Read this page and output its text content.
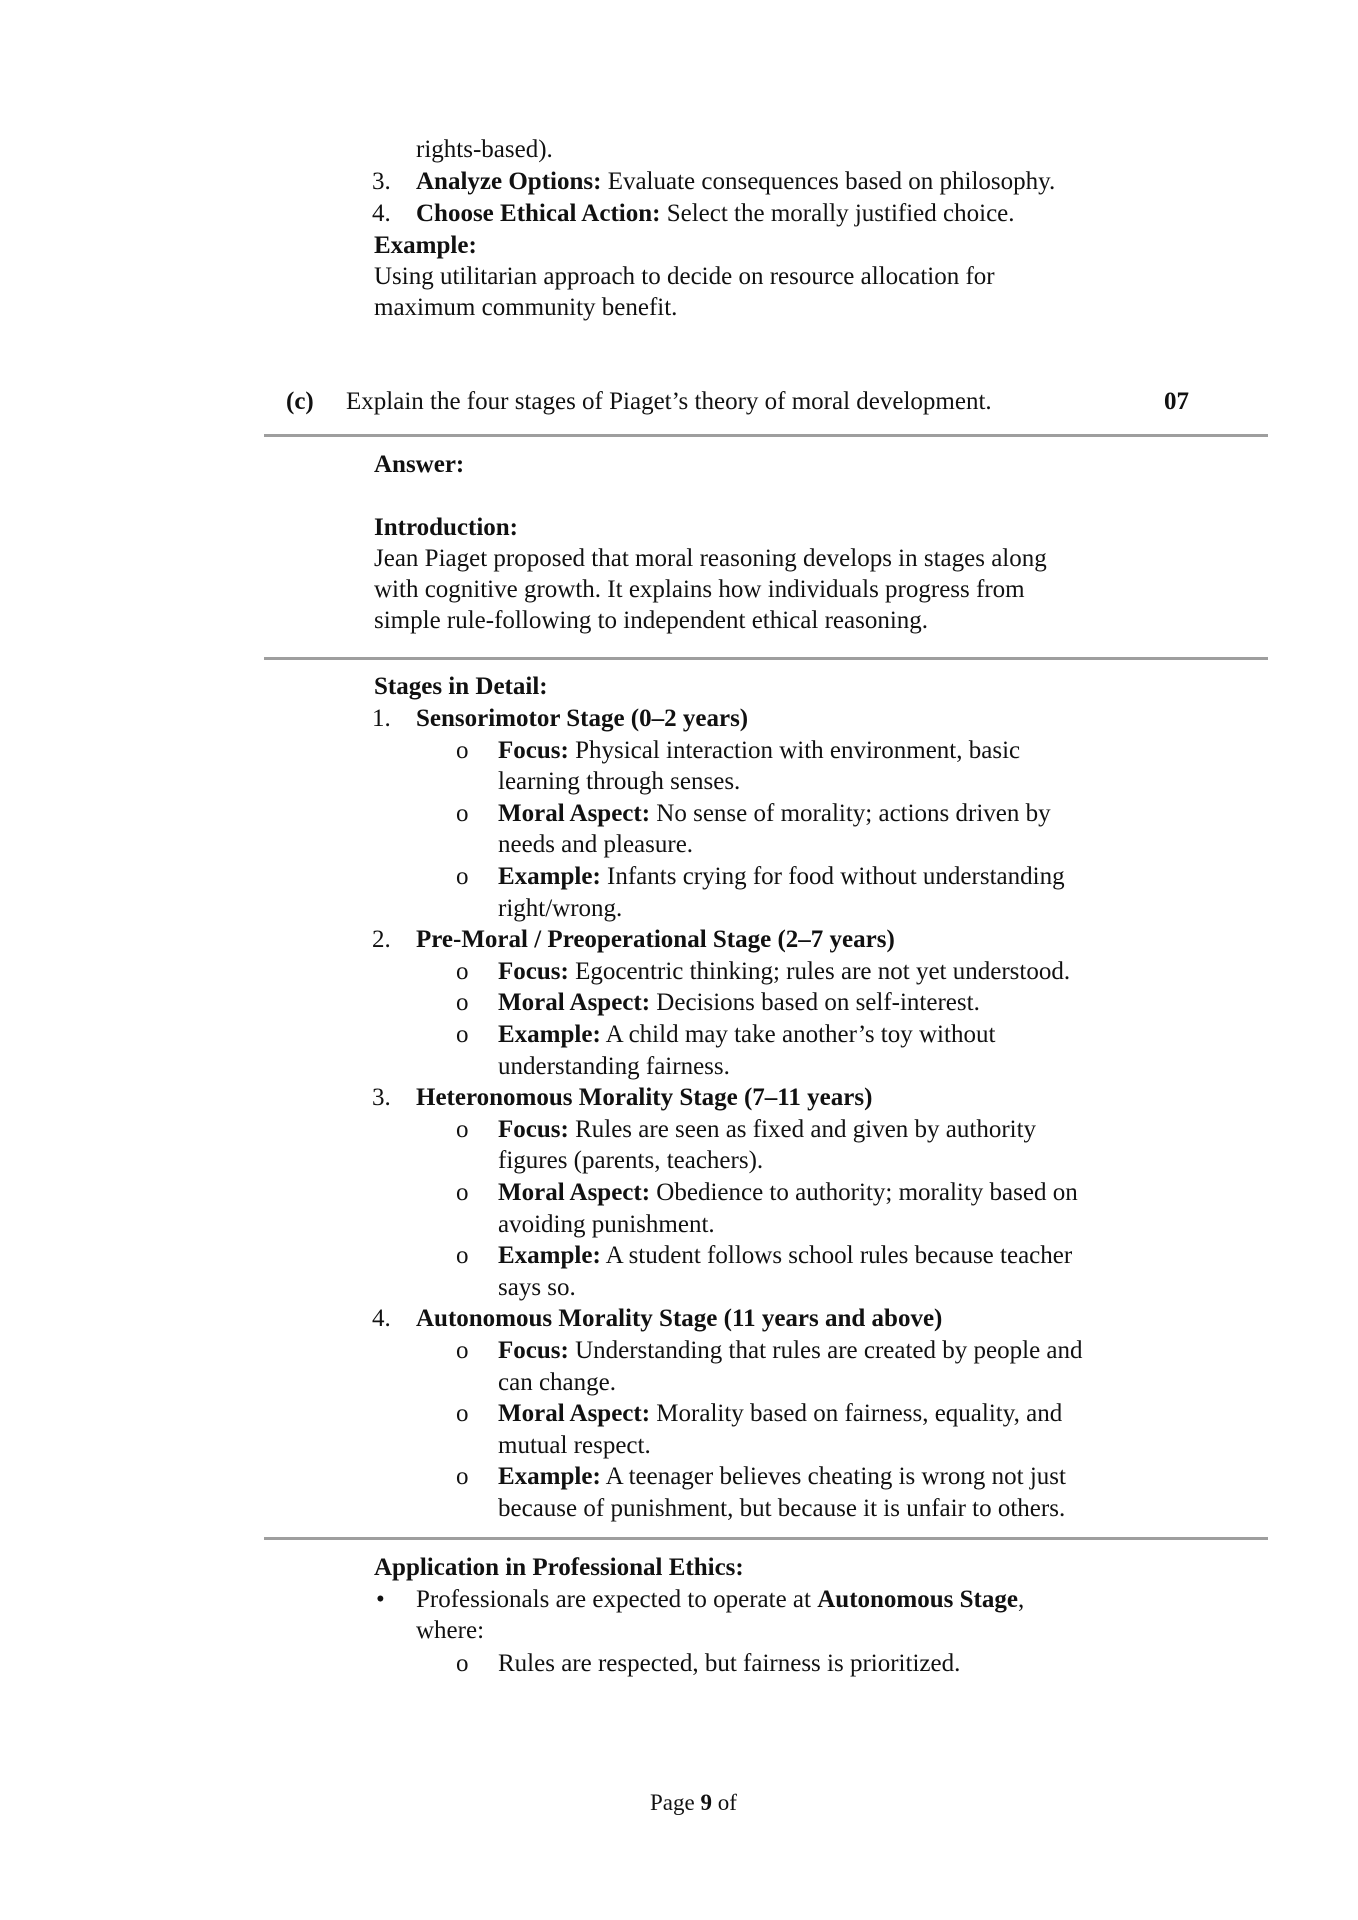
rights-based).
3. Analyze Options: Evaluate consequences based on philosophy.
4. Choose Ethical Action: Select the morally justified choice.
Example:
Using utilitarian approach to decide on resource allocation for
maximum community benefit.
(c) Explain the four stages of Piaget’s theory of moral development.	07
Answer:
Introduction:
Jean Piaget proposed that moral reasoning develops in stages along
with cognitive growth. It explains how individuals progress from
simple rule-following to independent ethical reasoning.
Stages in Detail:
1. Sensorimotor Stage (0–2 years)
o Focus: Physical interaction with environment, basic
learning through senses.
o Moral Aspect: No sense of morality; actions driven by
needs and pleasure.
o Example: Infants crying for food without understanding
right/wrong.
2. Pre-Moral / Preoperational Stage (2–7 years)
o Focus: Egocentric thinking; rules are not yet understood.
o Moral Aspect: Decisions based on self-interest.
o Example: A child may take another’s toy without
understanding fairness.
3. Heteronomous Morality Stage (7–11 years)
o Focus: Rules are seen as fixed and given by authority
figures (parents, teachers).
o Moral Aspect: Obedience to authority; morality based on
avoiding punishment.
o Example: A student follows school rules because teacher
says so.
4. Autonomous Morality Stage (11 years and above)
o Focus: Understanding that rules are created by people and
can change.
o Moral Aspect: Morality based on fairness, equality, and
mutual respect.
o Example: A teenager believes cheating is wrong not just
because of punishment, but because it is unfair to others.
Application in Professional Ethics:
• Professionals are expected to operate at Autonomous Stage,
where:
o Rules are respected, but fairness is prioritized.
Page 9 of
